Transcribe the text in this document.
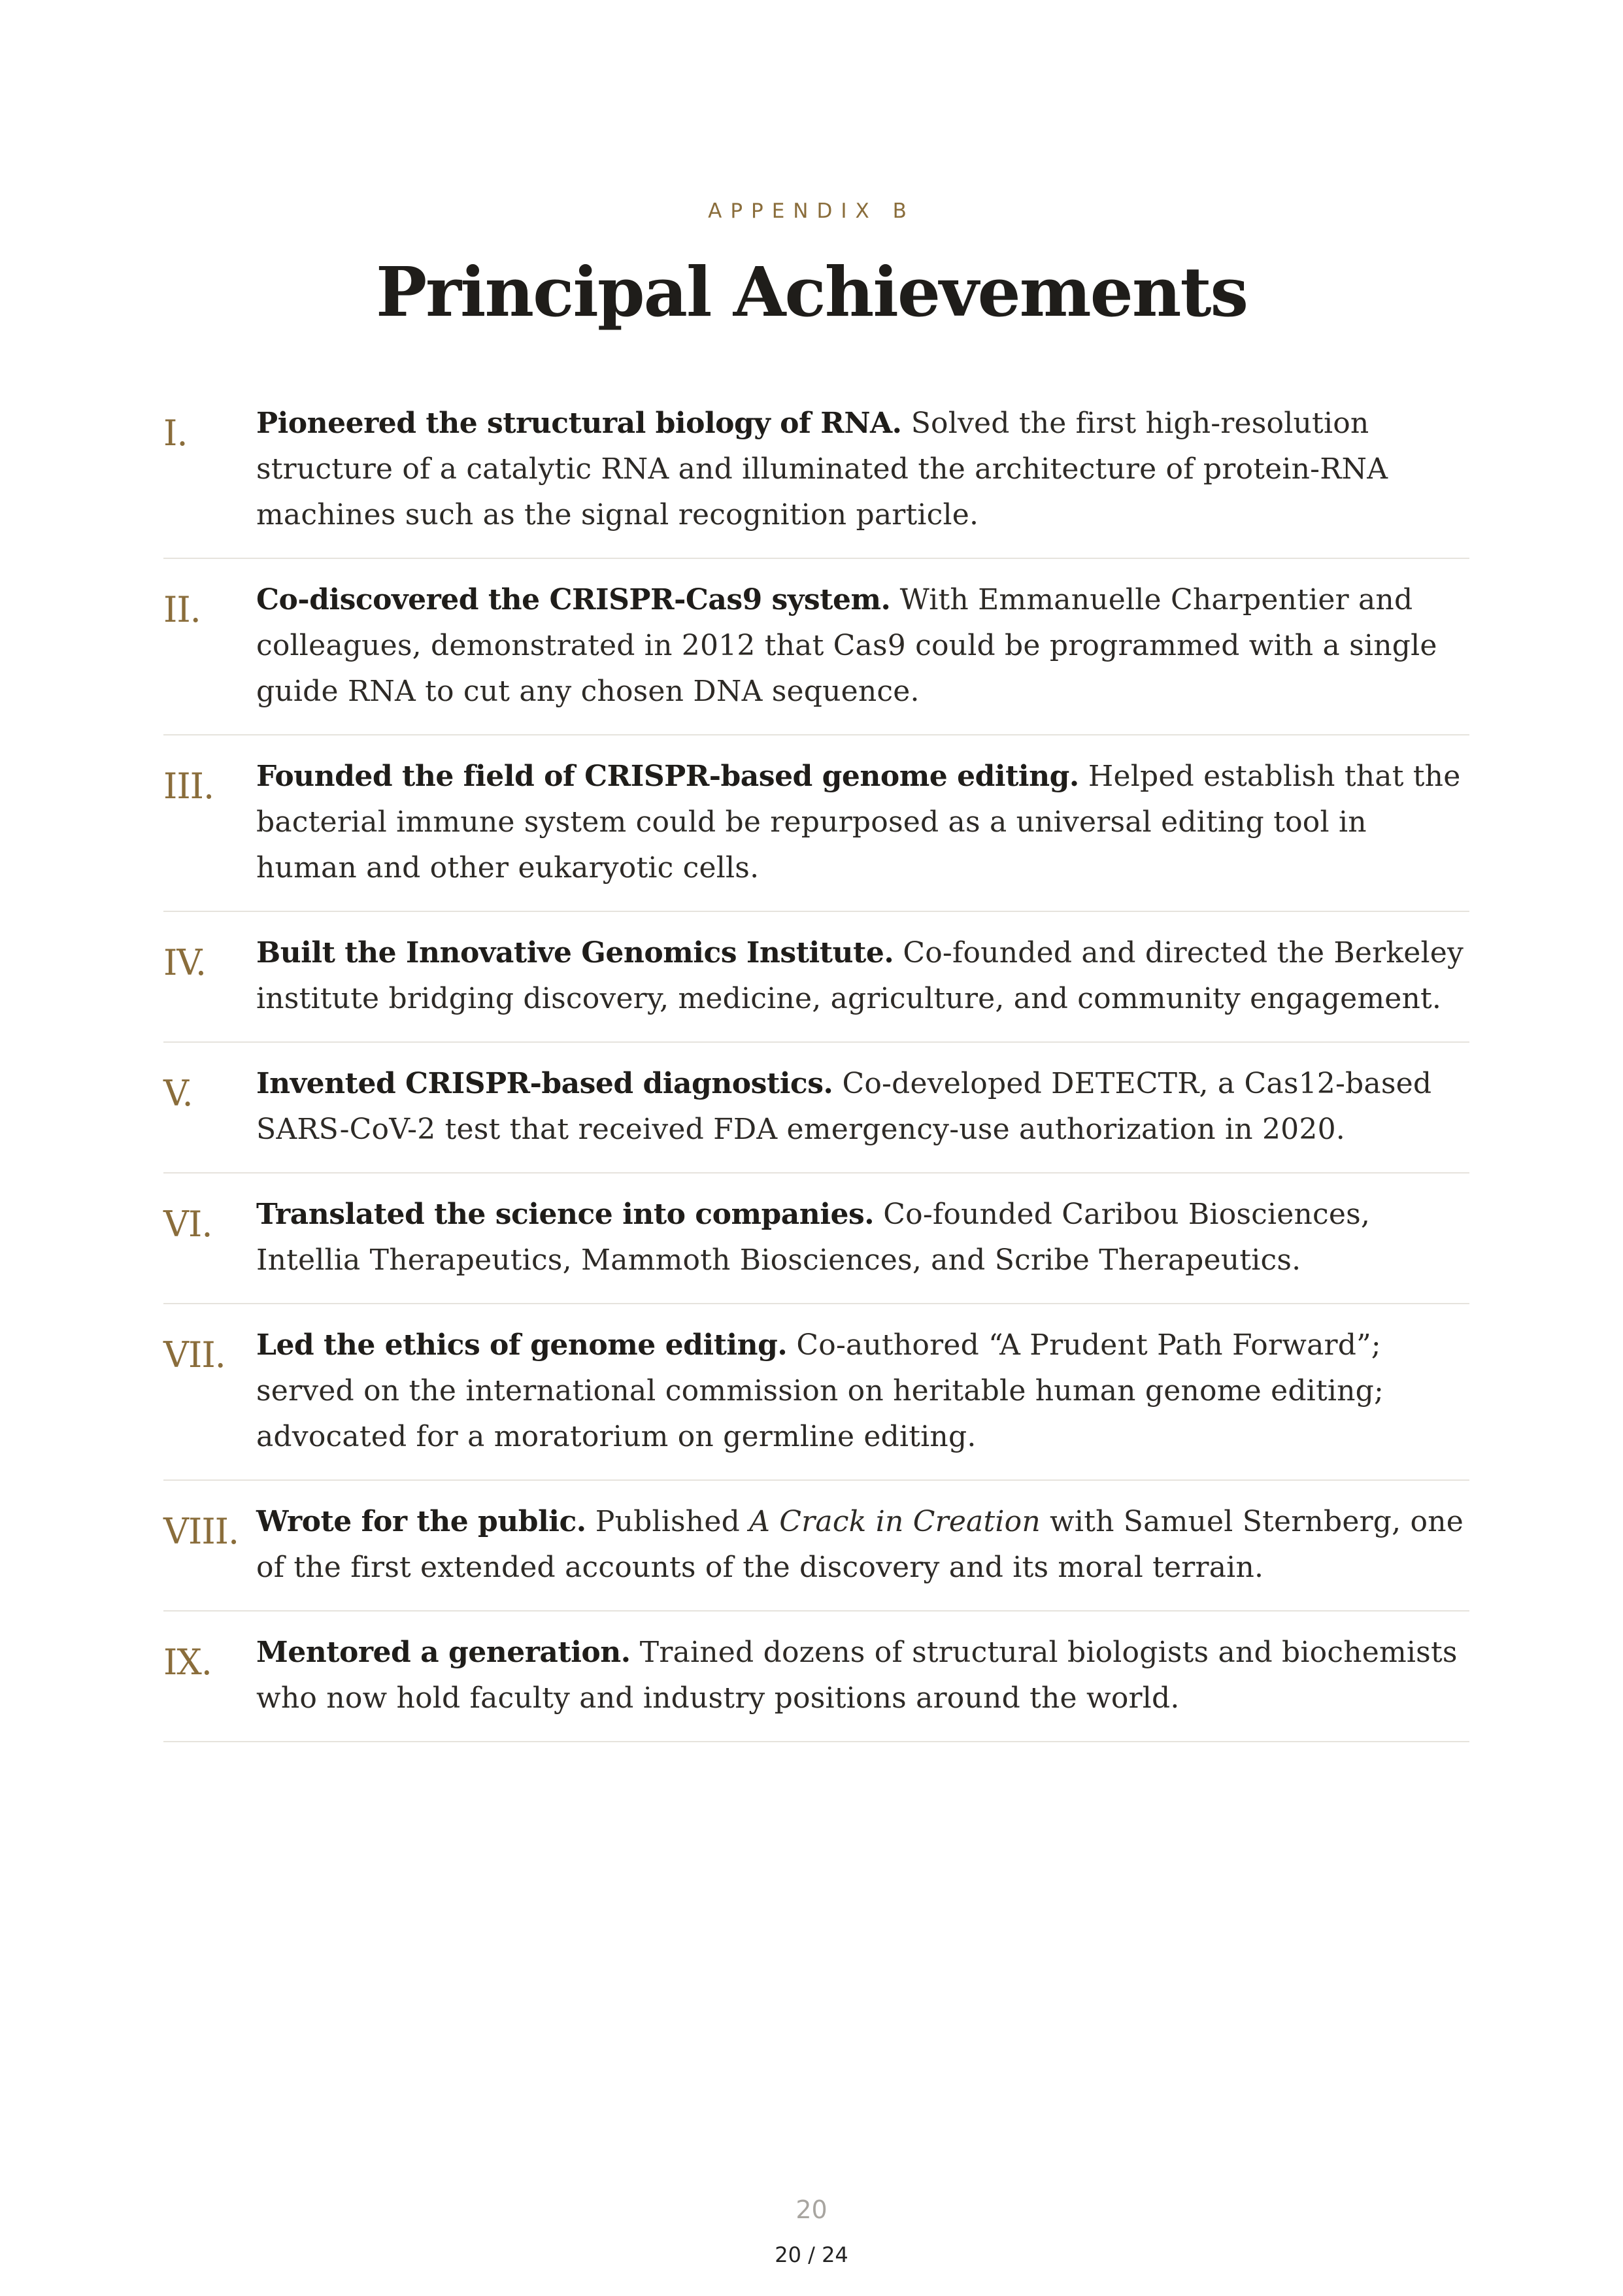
APPENDIX B
Principal Achievements
I. Pioneered the structural biology of RNA. Solved the first high-resolution structure of a catalytic RNA and illuminated the architecture of protein-RNA machines such as the signal recognition particle.
II. Co-discovered the CRISPR-Cas9 system. With Emmanuelle Charpentier and colleagues, demonstrated in 2012 that Cas9 could be programmed with a single guide RNA to cut any chosen DNA sequence.
III. Founded the field of CRISPR-based genome editing. Helped establish that the bacterial immune system could be repurposed as a universal editing tool in human and other eukaryotic cells.
IV. Built the Innovative Genomics Institute. Co-founded and directed the Berkeley institute bridging discovery, medicine, agriculture, and community engagement.
V. Invented CRISPR-based diagnostics. Co-developed DETECTR, a Cas12-based SARS-CoV-2 test that received FDA emergency-use authorization in 2020.
VI. Translated the science into companies. Co-founded Caribou Biosciences, Intellia Therapeutics, Mammoth Biosciences, and Scribe Therapeutics.
VII. Led the ethics of genome editing. Co-authored “A Prudent Path Forward”; served on the international commission on heritable human genome editing; advocated for a moratorium on germline editing.
VIII. Wrote for the public. Published A Crack in Creation with Samuel Sternberg, one of the first extended accounts of the discovery and its moral terrain.
IX. Mentored a generation. Trained dozens of structural biologists and biochemists who now hold faculty and industry positions around the world.
20
20 / 24
